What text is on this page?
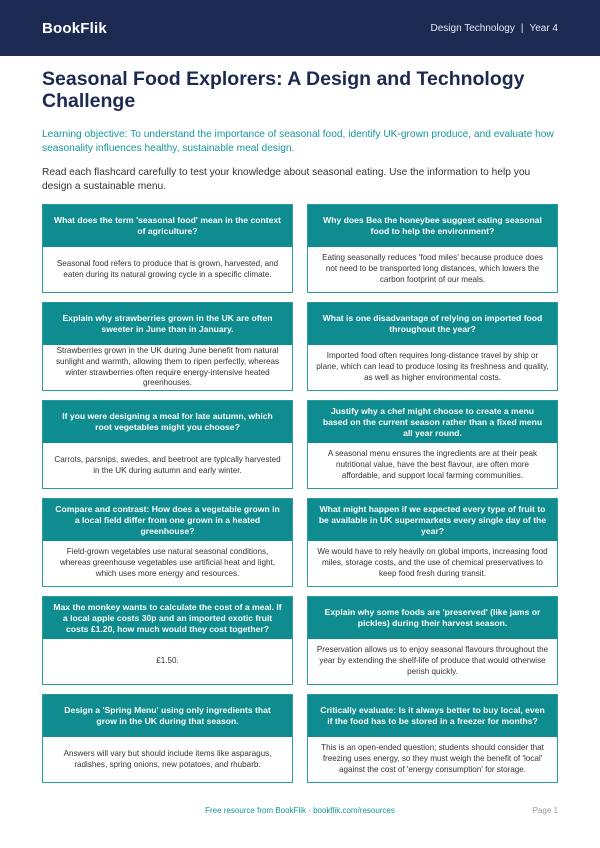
BookFlik	Design Technology | Year 4
Seasonal Food Explorers: A Design and Technology Challenge

Learning objective: To understand the importance of seasonal food, identify UK-grown produce, and evaluate how seasonality influences healthy, sustainable meal design.

Read each flashcard carefully to test your knowledge about seasonal eating. Use the information to help you design a sustainable menu.

What does the term 'seasonal food' mean in the context of agriculture?
Seasonal food refers to produce that is grown, harvested, and eaten during its natural growing cycle in a specific climate.
Why does Bea the honeybee suggest eating seasonal food to help the environment?
Eating seasonally reduces 'food miles' because produce does not need to be transported long distances, which lowers the carbon footprint of our meals.
Explain why strawberries grown in the UK are often sweeter in June than in January.
Strawberries grown in the UK during June benefit from natural sunlight and warmth, allowing them to ripen perfectly, whereas winter strawberries often require energy-intensive heated greenhouses.
What is one disadvantage of relying on imported food throughout the year?
Imported food often requires long-distance travel by ship or plane, which can lead to produce losing its freshness and quality, as well as higher environmental costs.
If you were designing a meal for late autumn, which root vegetables might you choose?
Carrots, parsnips, swedes, and beetroot are typically harvested in the UK during autumn and early winter.
Justify why a chef might choose to create a menu based on the current season rather than a fixed menu all year round.
A seasonal menu ensures the ingredients are at their peak nutritional value, have the best flavour, are often more affordable, and support local farming communities.
Compare and contrast: How does a vegetable grown in a local field differ from one grown in a heated greenhouse?
Field-grown vegetables use natural seasonal conditions, whereas greenhouse vegetables use artificial heat and light, which uses more energy and resources.
What might happen if we expected every type of fruit to be available in UK supermarkets every single day of the year?
We would have to rely heavily on global imports, increasing food miles, storage costs, and the use of chemical preservatives to keep food fresh during transit.
Max the monkey wants to calculate the cost of a meal. If a local apple costs 30p and an imported exotic fruit costs £1.20, how much would they cost together?
£1.50.
Explain why some foods are 'preserved' (like jams or pickles) during their harvest season.
Preservation allows us to enjoy seasonal flavours throughout the year by extending the shelf-life of produce that would otherwise perish quickly.
Design a 'Spring Menu' using only ingredients that grow in the UK during that season.
Answers will vary but should include items like asparagus, radishes, spring onions, new potatoes, and rhubarb.
Critically evaluate: Is it always better to buy local, even if the food has to be stored in a freezer for months?
This is an open-ended question; students should consider that freezing uses energy, so they must weigh the benefit of 'local' against the cost of 'energy consumption' for storage.
Free resource from BookFlik · bookflik.com/resources	Page 1
